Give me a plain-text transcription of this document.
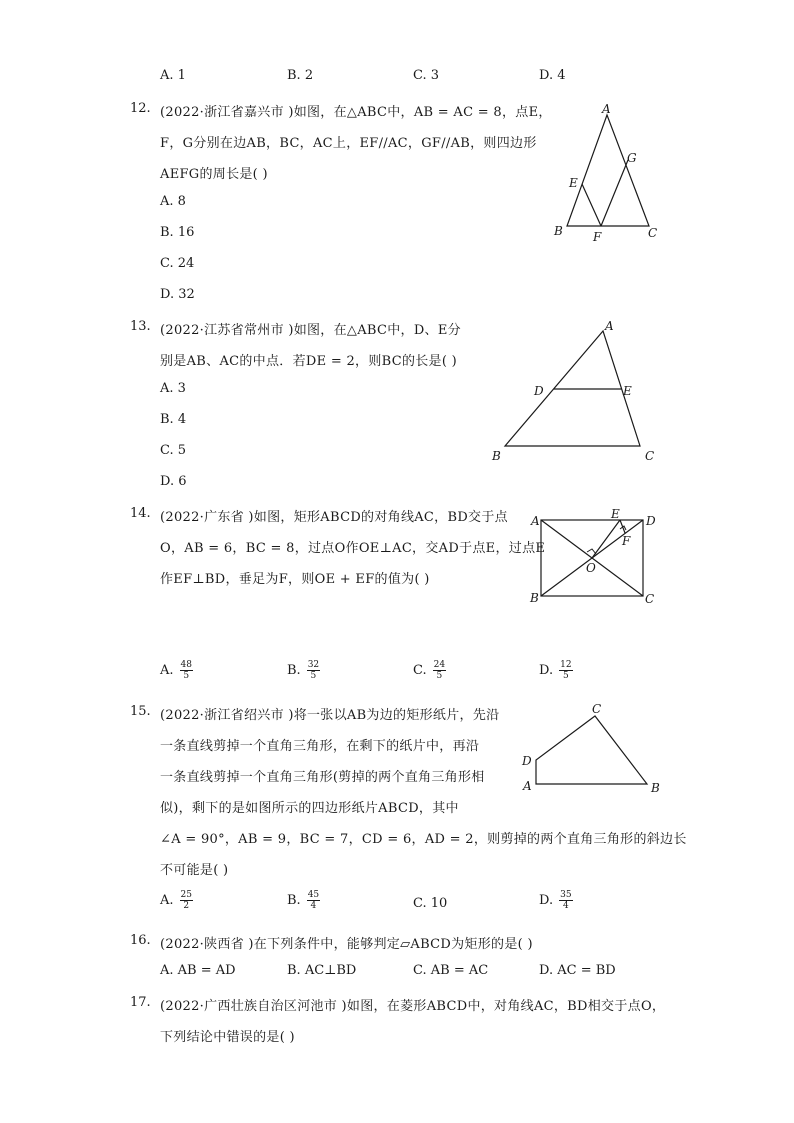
A. 1	B. 2	C. 3	D. 4
12. (2022·浙江省嘉兴市 )如图，在△ABC中，AB = AC = 8，点E，
F，G分别在边AB，BC，AC上，EF//AC，GF//AB，则四边形
AEFG的周长是( )
A. 8
B. 16
C. 24
D. 32
A
B	C
E
F
G
13. (2022·江苏省常州市 )如图，在△ABC中，D、E分
别是AB、AC的中点．若DE = 2，则BC的长是( )
A. 3
B. 4
C. 5
D. 6
A
B	C
D	E
14. (2022·广东省 )如图，矩形ABCD的对角线AC，BD交于点
O，AB = 6，BC = 8，过点O作OE⊥AC，交AD于点E，过点E
作EF⊥BD，垂足为F，则OE + EF的值为( )
A
B	C
D
E
F
O
A. $\frac{48}{5}$	B. $\frac{32}{5}$	C. $\frac{24}{5}$	D. $\frac{12}{5}$
15. (2022·浙江省绍兴市 )将一张以AB为边的矩形纸片，先沿
一条直线剪掉一个直角三角形，在剩下的纸片中，再沿
一条直线剪掉一个直角三角形(剪掉的两个直角三角形相
似)，剩下的是如图所示的四边形纸片ABCD，其中
∠A = 90°，AB = 9，BC = 7，CD = 6，AD = 2，则剪掉的两个直角三角形的斜边长
不可能是( )
C
D
A	B
A. $\frac{25}{2}$	B. $\frac{45}{4}$	C. 10	D. $\frac{35}{4}$
16. (2022·陕西省 )在下列条件中，能够判定▱ABCD为矩形的是( )
A. AB = AD	B. AC⊥BD	C. AB = AC	D. AC = BD
17. (2022·广西壮族自治区河池市 )如图，在菱形ABCD中，对角线AC，BD相交于点O，
下列结论中错误的是( )
